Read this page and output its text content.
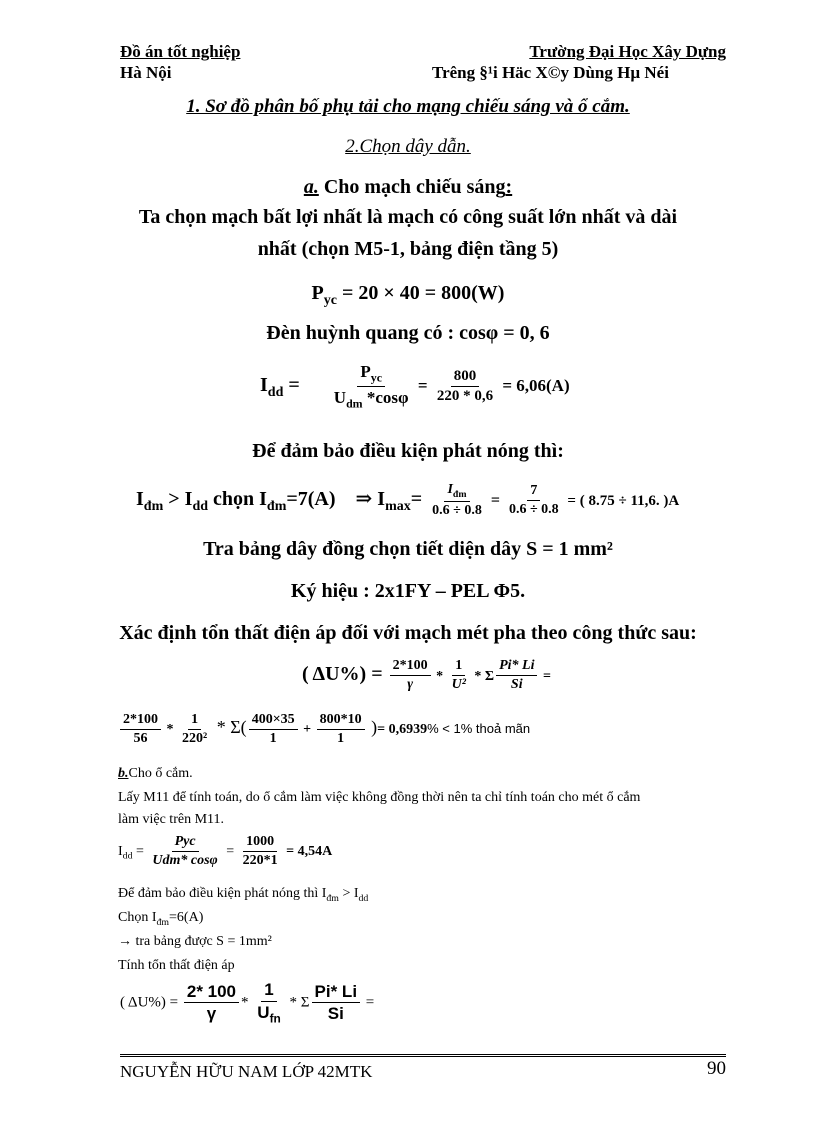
Đồ án tốt nghiệp	Trường Đại Học Xây Dựng
Hà Nội	Trêng §¹i Häc X©y Dùng Hµ Néi
1. Sơ đồ phân bố phụ tải cho mạng chiếu sáng và ổ cắm.
2.Chọn dây dẫn.
a. Cho mạch chiếu sáng:
Ta chọn mạch bất lợi nhất là mạch có công suất lớn nhất và dài
nhất (chọn M5-1, bảng điện tầng 5)
$P_{yc} = 20 \times 40 = 800(W)$
Đèn huỳnh quang có : cosφ = 0, 6
$I_{dd} = \frac{P_{yc}}{U_{dm} *\cos\varphi} = \frac{800}{220 * 0,6} = 6,06(A)$
Để đảm bảo điều kiện phát nóng thì:
$I_{đm} > I_{dd}$ chọn $I_{đm}=7(A)$ ⇒ $I_{max}= \frac{I_{đm}}{0.6 \div 0.8} = \frac{7}{0.6 \div 0.8}$ = ( 8.75 ÷ 11,6. )A
Tra bảng dây đồng chọn tiết diện dây S = 1 mm²
Ký hiệu : 2x1FY – PEL Φ5.
Xác định tổn thất điện áp đối với mạch mét pha theo công thức sau:
( $\Delta U\%) = \frac{2*100}{\gamma} * \frac{1}{\text{U²}} * \Sigma \frac{Pi* Li}{Si}$ =
$\frac{2*100}{56} * \frac{1}{\text{220²}} * \Sigma( \frac{400\times 35}{1} + \frac{800*10}{1}$ )= 0,6939% < 1% thoả mãn
b.Cho ổ cắm.
Lấy M11 để tính toán, do ổ cắm làm việc không đồng thời nên ta chỉ tính toán cho mét ổ cắm
làm việc trên M11.
$I_{dd} = \frac{\text{Pyc}}{\text{Udm* cosφ}} = \frac{1000}{220*1} = 4,54A$
Để đảm bảo điều kiện phát nóng thì $I_{đm} > I_{dd}$
Chọn $I_{đm}=6(A)$
→ tra bảng được S = 1mm²
Tính tổn thất điện áp
( $\Delta U\%) = \frac{2* 100}{\gamma} * \frac{1}{U_{fn}} * \Sigma \frac{Pi* Li}{Si}$ =
NGUYỄN HỮU NAM LỚP 42MTK	90
